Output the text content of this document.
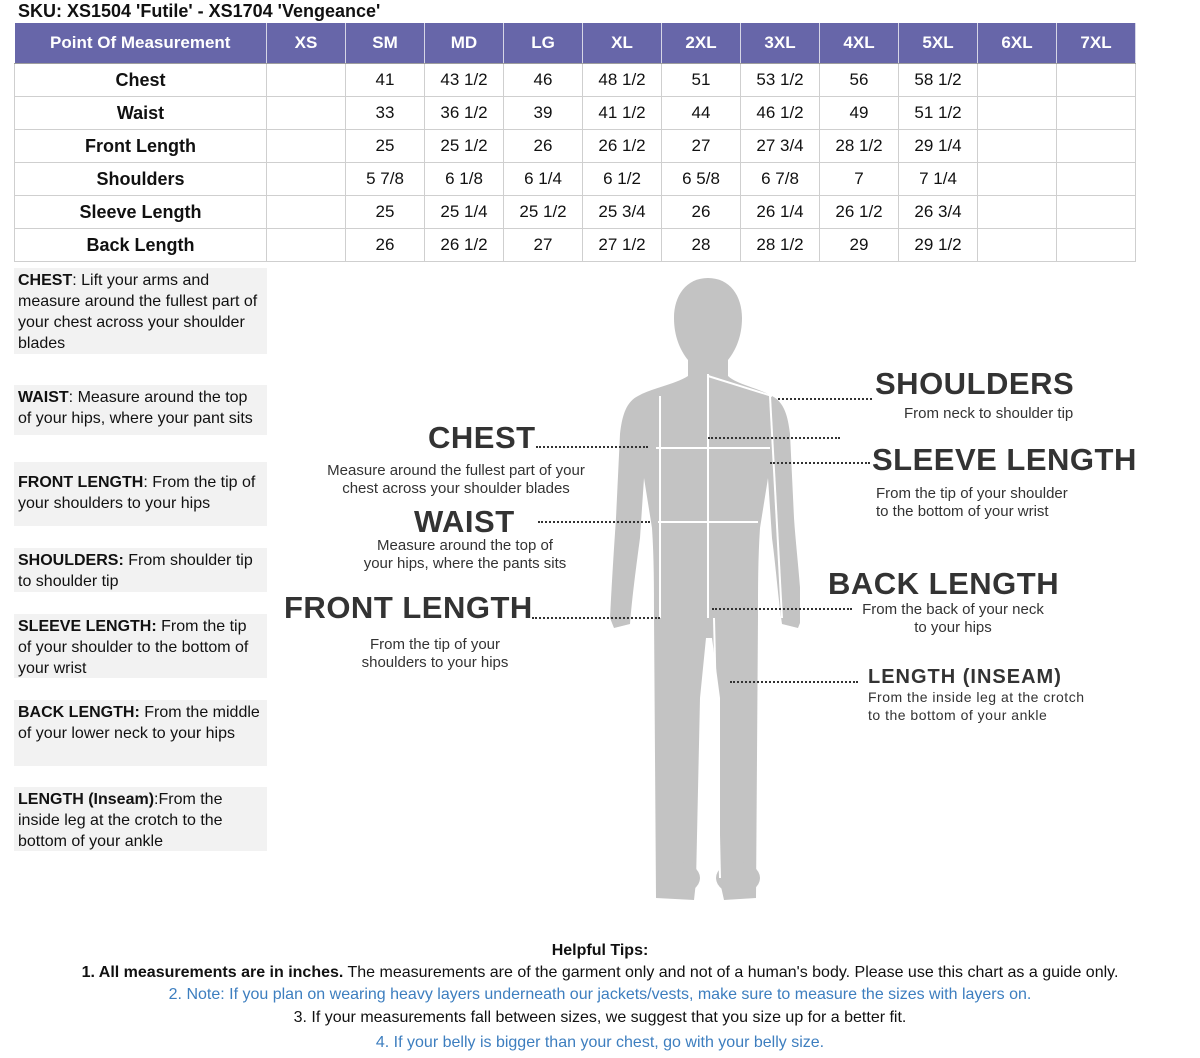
SKU: XS1504 'Futile' - XS1704 'Vengeance'
Point Of Measurement	XS	SM	MD	LG	XL	2XL	3XL	4XL	5XL	6XL	7XL
Chest		41	43 1/2	46	48 1/2	51	53 1/2	56	58 1/2		
Waist		33	36 1/2	39	41 1/2	44	46 1/2	49	51 1/2		
Front Length		25	25 1/2	26	26 1/2	27	27 3/4	28 1/2	29 1/4		
Shoulders		5 7/8	6 1/8	6 1/4	6 1/2	6 5/8	6 7/8	7	7 1/4		
Sleeve Length		25	25 1/4	25 1/2	25 3/4	26	26 1/4	26 1/2	26 3/4		
Back Length		26	26 1/2	27	27 1/2	28	28 1/2	29	29 1/2		
CHEST: Lift your arms and measure around the fullest part of your chest across your shoulder blades
WAIST: Measure around the top of your hips, where your pant sits
FRONT LENGTH: From the tip of your shoulders to your hips
SHOULDERS: From shoulder tip to shoulder tip
SLEEVE LENGTH: From the tip of your shoulder to the bottom of your wrist
BACK LENGTH: From the middle of your lower neck to your hips
LENGTH (Inseam):From the inside leg at the crotch to the bottom of your ankle
CHEST
Measure around the fullest part of your
chest across your shoulder blades
WAIST
Measure around the top of
your hips, where the pants sits
FRONT LENGTH
From the tip of your
shoulders to your hips
SHOULDERS
From neck to shoulder tip
SLEEVE LENGTH
From the tip of your shoulder
to the bottom of your wrist
BACK LENGTH
From the back of your neck
to your hips
LENGTH (INSEAM)
From the inside leg at the crotch
to the bottom of your ankle
Helpful Tips:
1. All measurements are in inches. The measurements are of the garment only and not of a human's body. Please use this chart as a guide only.
2. Note: If you plan on wearing heavy layers underneath our jackets/vests, make sure to measure the sizes with layers on.
3. If your measurements fall between sizes, we suggest that you size up for a better fit.
4. If your belly is bigger than your chest, go with your belly size.
